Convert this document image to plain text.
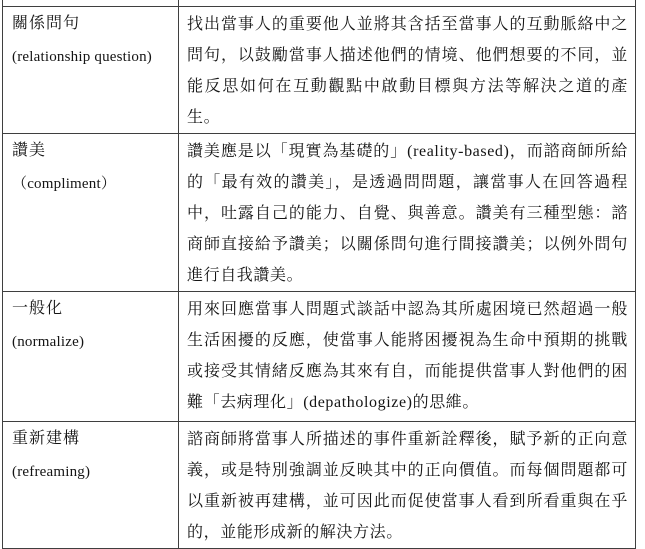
關係問句
(relationship question)	找出當事人的重要他人並將其含括至當事人的互動脈絡中之問句，以鼓勵當事人描述他們的情境、他們想要的不同，並能反思如何在互動觀點中啟動目標與方法等解決之道的產生。

讚美
（compliment）	讚美應是以「現實為基礎的」(reality-based)，而諮商師所給的「最有效的讚美」，是透過問問題，讓當事人在回答過程中，吐露自己的能力、自覺、與善意。讚美有三種型態：諮商師直接給予讚美；以關係問句進行間接讚美；以例外問句進行自我讚美。

一般化
(normalize)	用來回應當事人問題式談話中認為其所處困境已然超過一般生活困擾的反應，使當事人能將困擾視為生命中預期的挑戰或接受其情緒反應為其來有自，而能提供當事人對他們的困難「去病理化」(depathologize)的思維。

重新建構
(refreaming)	諮商師將當事人所描述的事件重新詮釋後，賦予新的正向意義，或是特別強調並反映其中的正向價值。而每個問題都可以重新被再建構，並可因此而促使當事人看到所看重與在乎的，並能形成新的解決方法。
